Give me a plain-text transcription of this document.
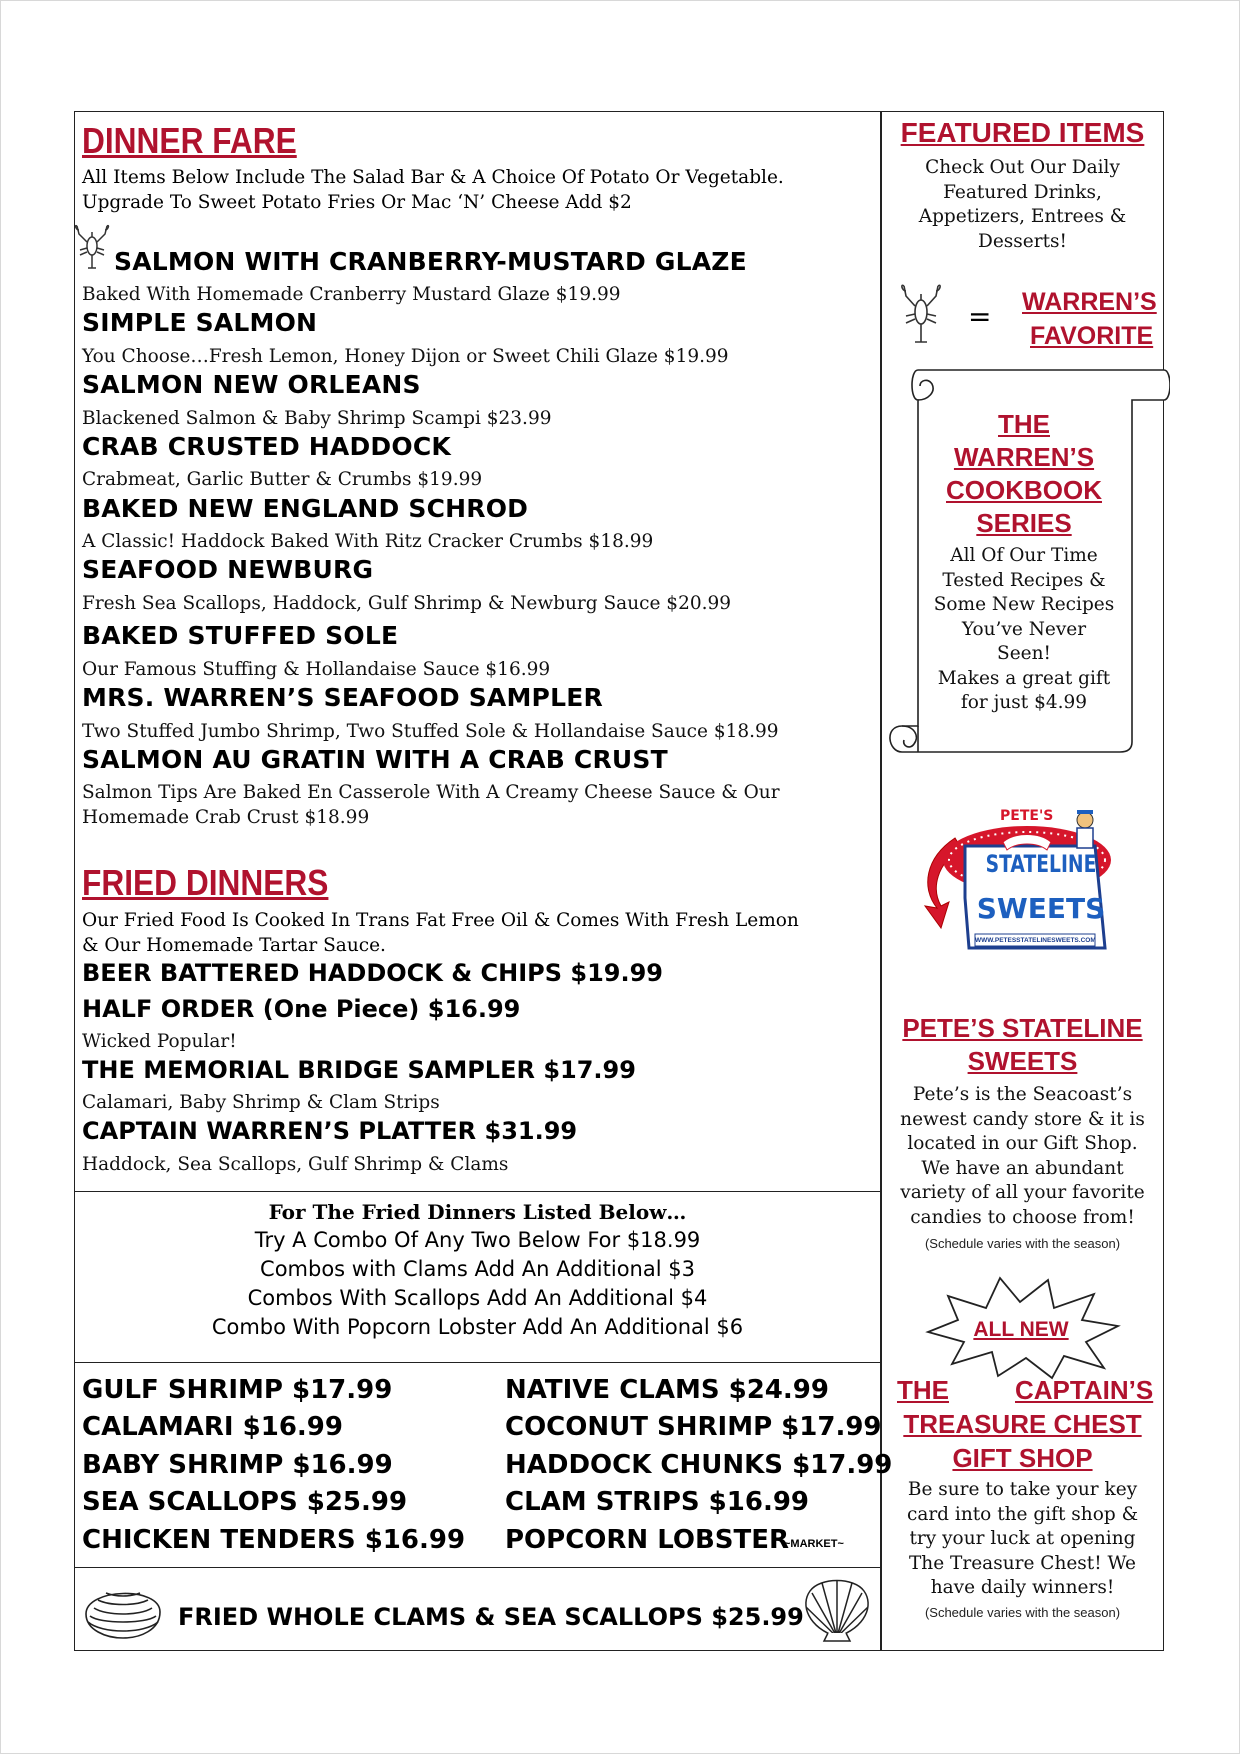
DINNER FARE
All Items Below Include The Salad Bar & A Choice Of Potato Or Vegetable.
Upgrade To Sweet Potato Fries Or Mac ‘N’ Cheese Add $2
SALMON WITH CRANBERRY-MUSTARD GLAZE
Baked With Homemade Cranberry Mustard Glaze $19.99
SIMPLE SALMON
You Choose…Fresh Lemon, Honey Dijon or Sweet Chili Glaze $19.99
SALMON NEW ORLEANS
Blackened Salmon & Baby Shrimp Scampi $23.99
CRAB CRUSTED HADDOCK
Crabmeat, Garlic Butter & Crumbs $19.99
BAKED NEW ENGLAND SCHROD
A Classic! Haddock Baked With Ritz Cracker Crumbs $18.99
SEAFOOD NEWBURG
Fresh Sea Scallops, Haddock, Gulf Shrimp & Newburg Sauce $20.99
BAKED STUFFED SOLE
Our Famous Stuffing & Hollandaise Sauce $16.99
MRS. WARREN’S SEAFOOD SAMPLER
Two Stuffed Jumbo Shrimp, Two Stuffed Sole & Hollandaise Sauce $18.99
SALMON AU GRATIN WITH A CRAB CRUST
Salmon Tips Are Baked En Casserole With A Creamy Cheese Sauce & Our
Homemade Crab Crust $18.99
FRIED DINNERS
Our Fried Food Is Cooked In Trans Fat Free Oil & Comes With Fresh Lemon
& Our Homemade Tartar Sauce.
BEER BATTERED HADDOCK & CHIPS $19.99
HALF ORDER (One Piece) $16.99
Wicked Popular!
THE MEMORIAL BRIDGE SAMPLER $17.99
Calamari, Baby Shrimp & Clam Strips
CAPTAIN WARREN’S PLATTER $31.99
Haddock, Sea Scallops, Gulf Shrimp & Clams
For The Fried Dinners Listed Below…
Try A Combo Of Any Two Below For $18.99
Combos with Clams Add An Additional $3
Combos With Scallops Add An Additional $4
Combo With Popcorn Lobster Add An Additional $6
GULF SHRIMP $17.99
CALAMARI $16.99
BABY SHRIMP $16.99
SEA SCALLOPS $25.99
CHICKEN TENDERS $16.99
NATIVE CLAMS $24.99
COCONUT SHRIMP $17.99
HADDOCK CHUNKS $17.99
CLAM STRIPS $16.99
POPCORN LOBSTER
~MARKET~
FRIED WHOLE CLAMS & SEA SCALLOPS $25.99
FEATURED ITEMS
Check Out Our Daily
Featured Drinks,
Appetizers, Entrees &
Desserts!
= WARREN’S
FAVORITE
THE
WARREN’S
COOKBOOK
SERIES
All Of Our Time
Tested Recipes &
Some New Recipes
You’ve Never
Seen!
Makes a great gift
for just $4.99
PETE'S
STATELINE
SWEETS
WWW.PETESSTATELINESWEETS.COM
PETE’S STATELINE
SWEETS
Pete’s is the Seacoast’s
newest candy store & it is
located in our Gift Shop.
We have an abundant
variety of all your favorite
candies to choose from!
(Schedule varies with the season)
ALL NEW
THE	CAPTAIN’S
TREASURE CHEST
GIFT SHOP
Be sure to take your key
card into the gift shop &
try your luck at opening
The Treasure Chest! We
have daily winners!
(Schedule varies with the season)
